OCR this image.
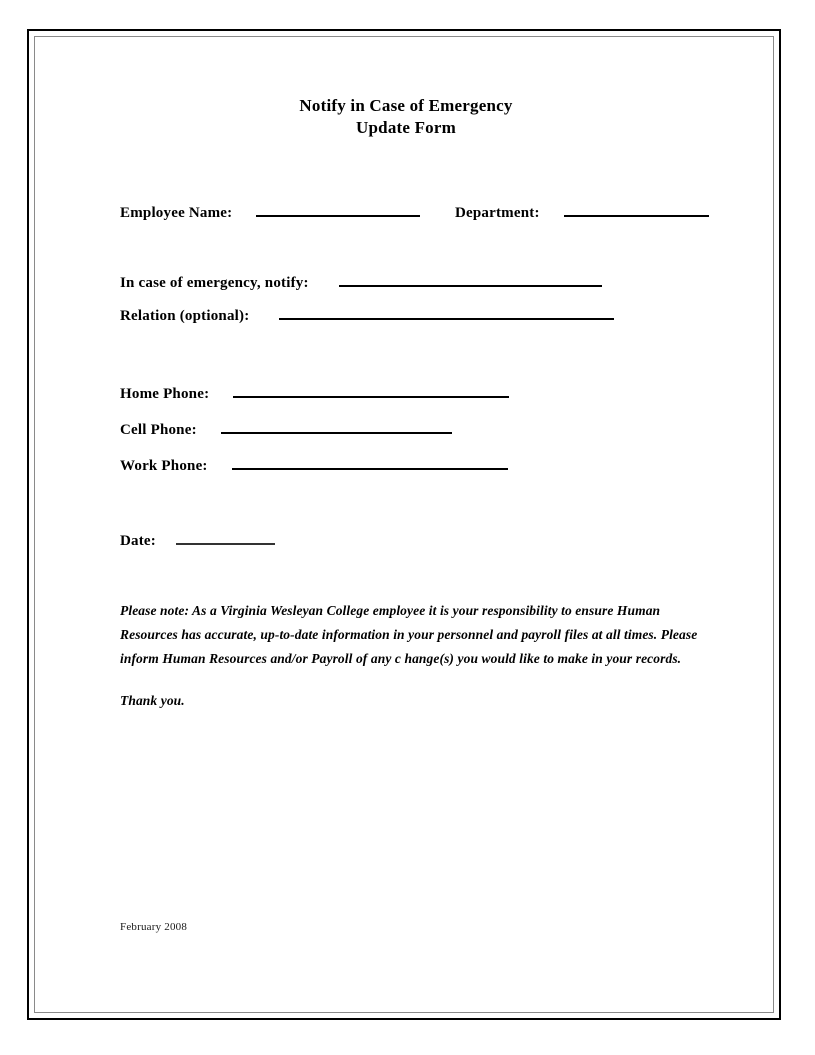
Notify in Case of Emergency
Update Form
Employee Name:	Department:
In case of emergency, notify:
Relation (optional):
Home Phone:
Cell Phone:
Work Phone:
Date:
Please note: As a Virginia Wesleyan College employee it is your responsibility to ensure Human
Resources has accurate, up-to-date information in your personnel and payroll files at all times. Please
inform Human Resources and/or Payroll of any c hange(s) you would like to make in your records.
Thank you.
February 2008
